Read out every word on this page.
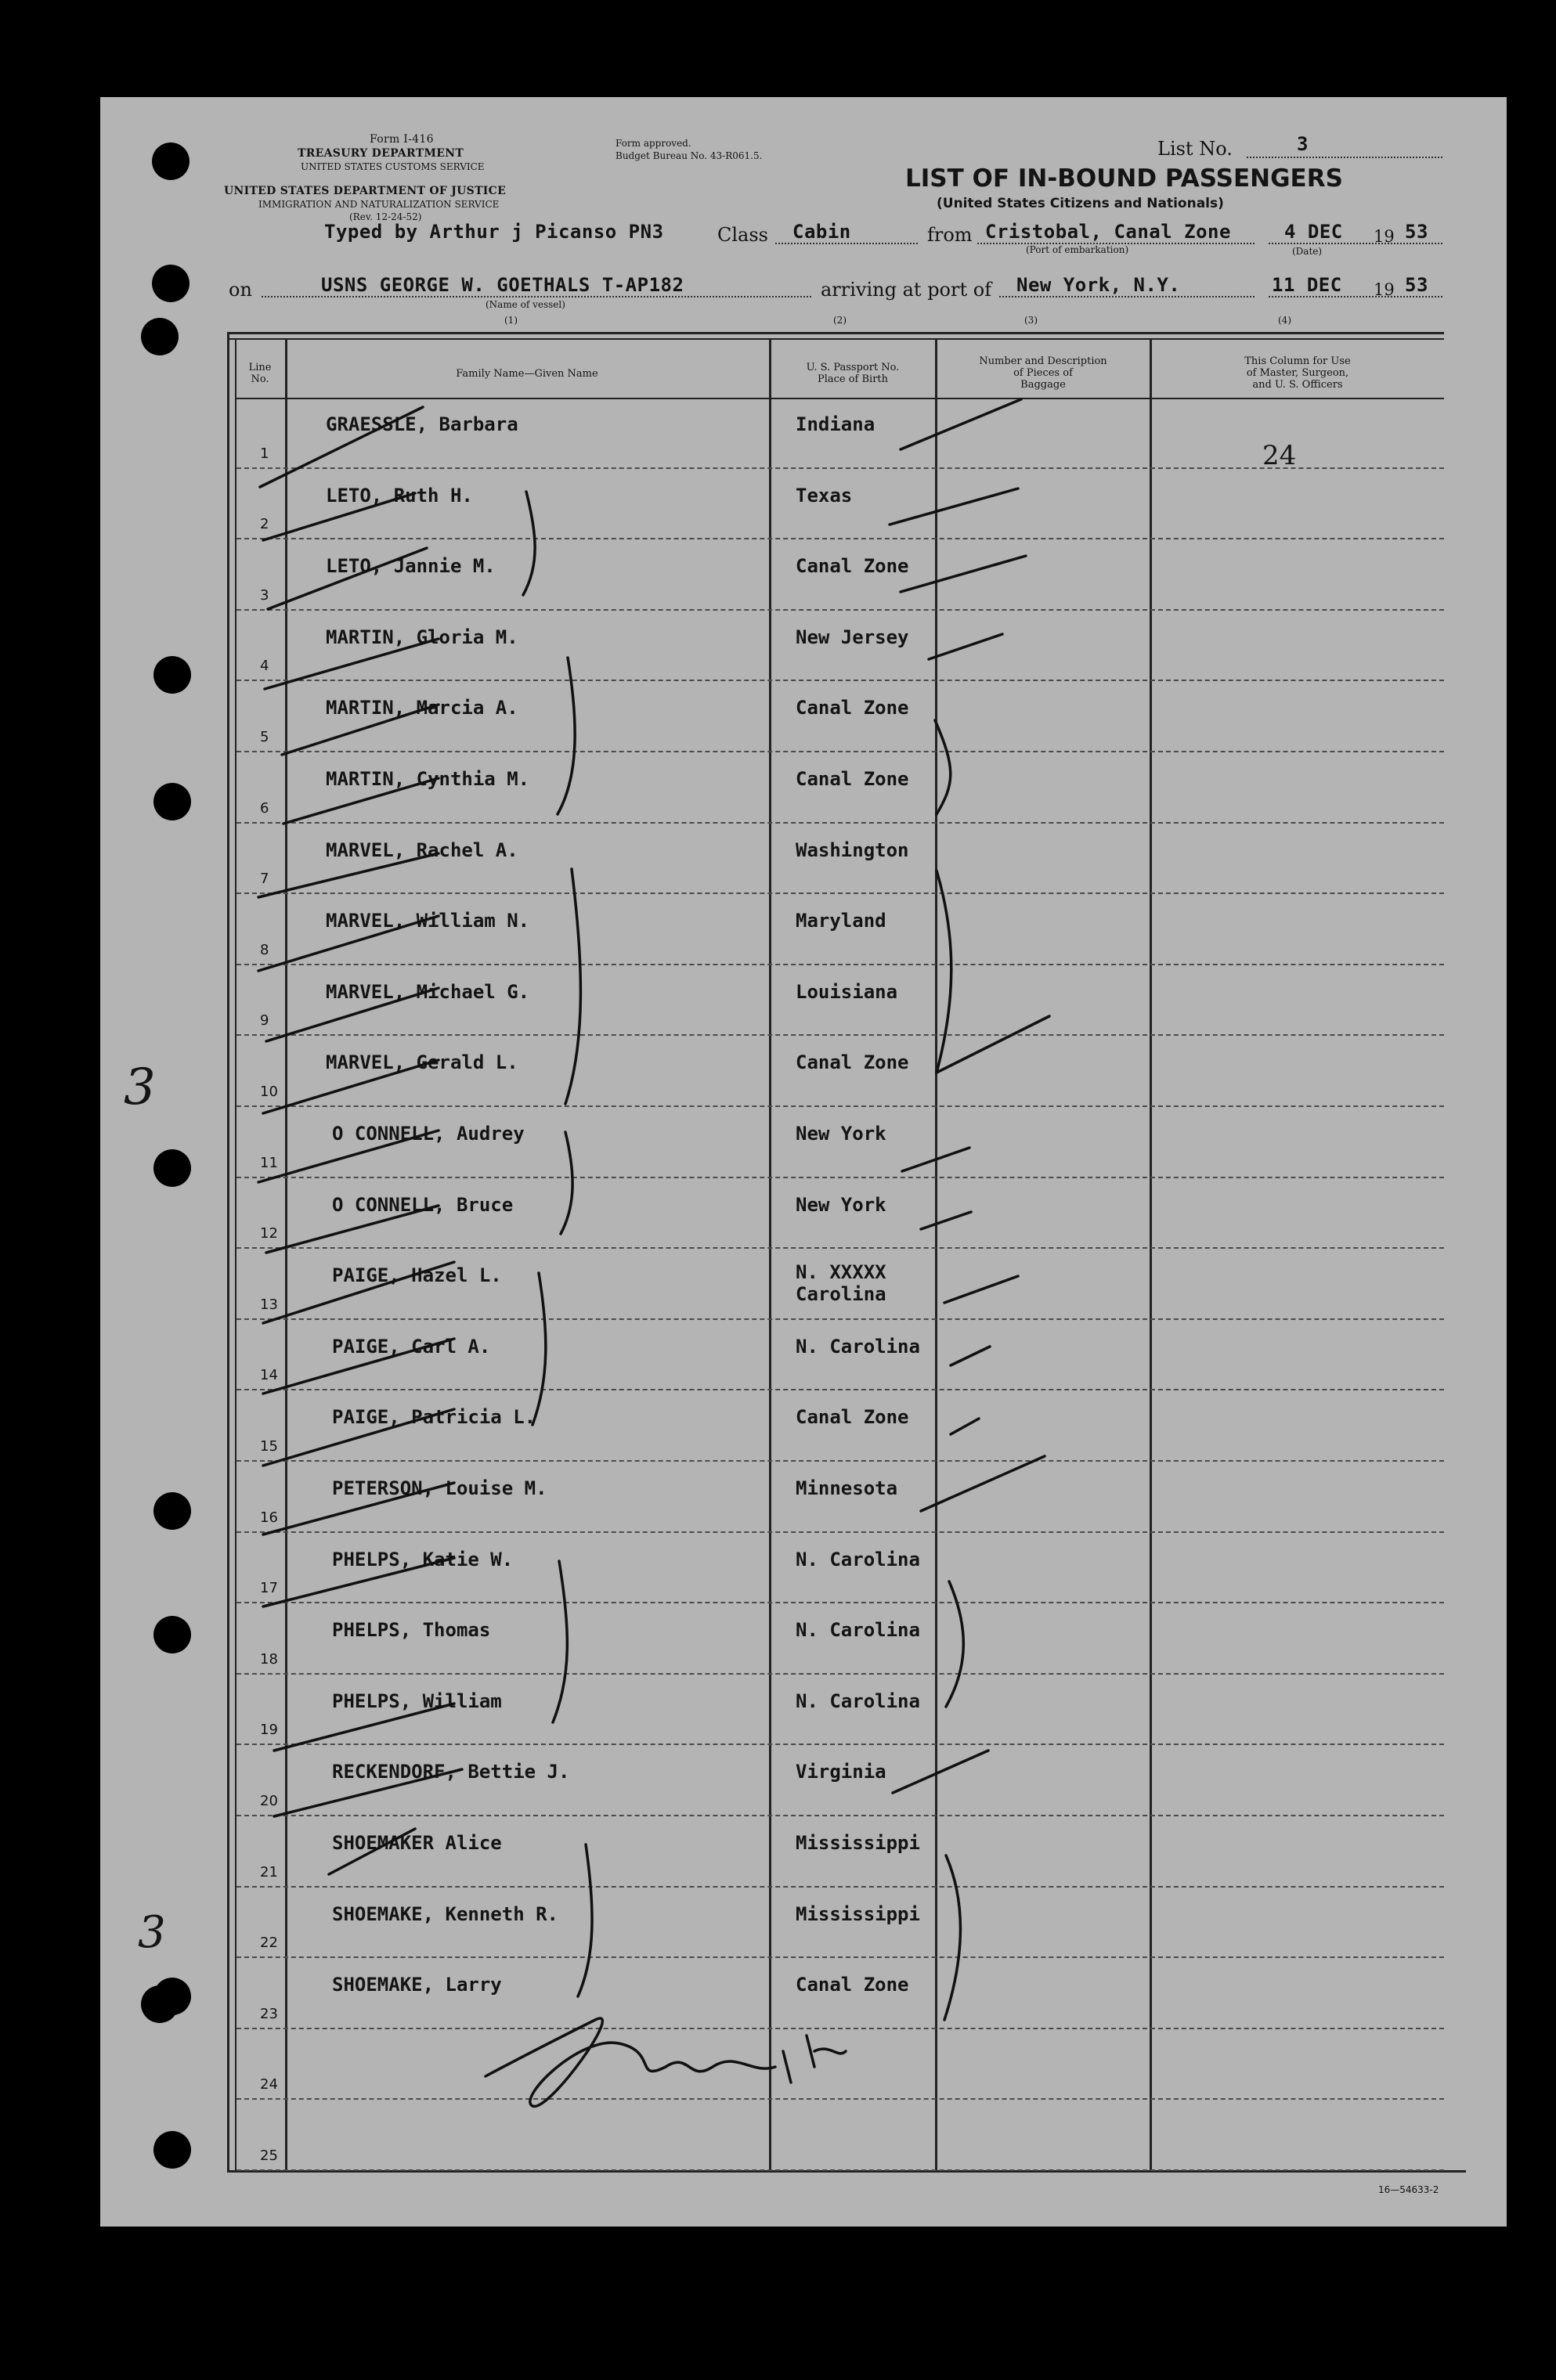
Form I-416
TREASURY DEPARTMENT
UNITED STATES CUSTOMS SERVICE
UNITED STATES DEPARTMENT OF JUSTICE
IMMIGRATION AND NATURALIZATION SERVICE
(Rev. 12-24-52)
Form approved.
Budget Bureau No. 43-R061.5.	List No.	3
LIST OF IN-BOUND PASSENGERS
(United States Citizens and Nationals)
Typed by Arthur j Picanso PN3	Class Cabin	from Cristobal, Canal Zone
(Port of embarkation)
4 DEC 19 53
(Date)
on	USNS GEORGE W. GOETHALS T-AP182
(Name of vessel)
arriving at port of New York, N.Y.	11 DEC 19 53
(1)	(2)	(3)	(4)
Line
No.	Family Name—Given Name
U. S. Passport No.
Place of Birth
Number and Description
of Pieces of
Baggage
This Column for Use
of Master, Surgeon,
and U. S. Officers
1
GRAESSLE, Barbara	Indiana
24
2
LETO, Ruth H.	Texas
3
LETO, Jannie M.	Canal Zone
4
MARTIN, Gloria M.	New Jersey
5
MARTIN, Marcia A.	Canal Zone
6
MARTIN, Cynthia M.	Canal Zone
7
MARVEL, Rachel A.	Washington
8
MARVEL, William N.	Maryland
9
MARVEL, Michael G.	Louisiana
10
MARVEL, Gerald L.	Canal Zone
11
O CONNELL, Audrey	New York
12
O CONNELL, Bruce	New York
13
PAIGE, Hazel L.	N. XXXXX Carolina
14
PAIGE, Carl A.	N. Carolina
15
PAIGE, Patricia L.	Canal Zone
16
PETERSON, Louise M.	Minnesota
17
PHELPS, Katie W.	N. Carolina
18
PHELPS, Thomas	N. Carolina
19
PHELPS, William	N. Carolina
20
RECKENDORF, Bettie J.	Virginia
21
SHOEMAKER Alice	Mississippi
22
SHOEMAKE, Kenneth R.	Mississippi
23
SHOEMAKE, Larry	Canal Zone
24
25
3
3
16—54633-2
